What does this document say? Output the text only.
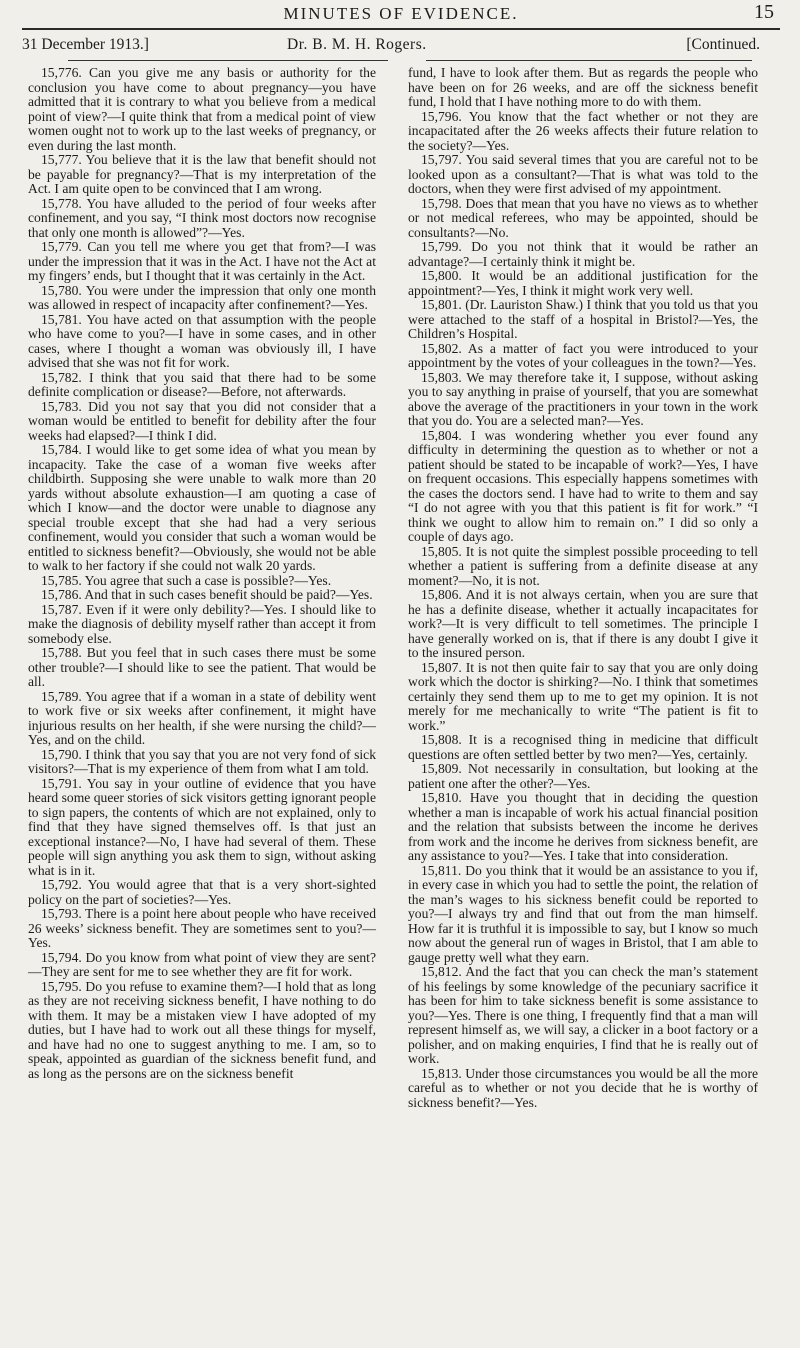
MINUTES OF EVIDENCE.	15
31 December 1913.]	Dr. B. M. H. Rogers.	[Continued.

15,776. Can you give me any basis or authority for the conclusion you have come to about pregnancy—you have admitted that it is contrary to what you believe from a medical point of view?—I quite think that from a medical point of view women ought not to work up to the last weeks of pregnancy, or even during the last month.

15,777. You believe that it is the law that benefit should not be payable for pregnancy?—That is my interpretation of the Act. I am quite open to be convinced that I am wrong.

15,778. You have alluded to the period of four weeks after confinement, and you say, “I think most doctors now recognise that only one month is allowed”?—Yes.

15,779. Can you tell me where you get that from?—I was under the impression that it was in the Act. I have not the Act at my fingers’ ends, but I thought that it was certainly in the Act.

15,780. You were under the impression that only one month was allowed in respect of incapacity after confinement?—Yes.

15,781. You have acted on that assumption with the people who have come to you?—I have in some cases, and in other cases, where I thought a woman was obviously ill, I have advised that she was not fit for work.

15,782. I think that you said that there had to be some definite complication or disease?—Before, not afterwards.

15,783. Did you not say that you did not consider that a woman would be entitled to benefit for debility after the four weeks had elapsed?—I think I did.

15,784. I would like to get some idea of what you mean by incapacity. Take the case of a woman five weeks after childbirth. Supposing she were unable to walk more than 20 yards without absolute exhaustion—I am quoting a case of which I know—and the doctor were unable to diagnose any special trouble except that she had had a very serious confinement, would you consider that such a woman would be entitled to sickness benefit?—Obviously, she would not be able to walk to her factory if she could not walk 20 yards.

15,785. You agree that such a case is possible?—Yes.

15,786. And that in such cases benefit should be paid?—Yes.

15,787. Even if it were only debility?—Yes. I should like to make the diagnosis of debility myself rather than accept it from somebody else.

15,788. But you feel that in such cases there must be some other trouble?—I should like to see the patient. That would be all.

15,789. You agree that if a woman in a state of debility went to work five or six weeks after confinement, it might have injurious results on her health, if she were nursing the child?—Yes, and on the child.

15,790. I think that you say that you are not very fond of sick visitors?—That is my experience of them from what I am told.

15,791. You say in your outline of evidence that you have heard some queer stories of sick visitors getting ignorant people to sign papers, the contents of which are not explained, only to find that they have signed themselves off. Is that just an exceptional instance?—No, I have had several of them. These people will sign anything you ask them to sign, without asking what is in it.

15,792. You would agree that that is a very short-sighted policy on the part of societies?—Yes.

15,793. There is a point here about people who have received 26 weeks’ sickness benefit. They are sometimes sent to you?—Yes.

15,794. Do you know from what point of view they are sent?—They are sent for me to see whether they are fit for work.

15,795. Do you refuse to examine them?—I hold that as long as they are not receiving sickness benefit, I have nothing to do with them. It may be a mistaken view I have adopted of my duties, but I have had to work out all these things for myself, and have had no one to suggest anything to me. I am, so to speak, appointed as guardian of the sickness benefit fund, and as long as the persons are on the sickness benefit

fund, I have to look after them. But as regards the people who have been on for 26 weeks, and are off the sickness benefit fund, I hold that I have nothing more to do with them.

15,796. You know that the fact whether or not they are incapacitated after the 26 weeks affects their future relation to the society?—Yes.

15,797. You said several times that you are careful not to be looked upon as a consultant?—That is what was told to the doctors, when they were first advised of my appointment.

15,798. Does that mean that you have no views as to whether or not medical referees, who may be appointed, should be consultants?—No.

15,799. Do you not think that it would be rather an advantage?—I certainly think it might be.

15,800. It would be an additional justification for the appointment?—Yes, I think it might work very well.

15,801. (Dr. Lauriston Shaw.) I think that you told us that you were attached to the staff of a hospital in Bristol?—Yes, the Children’s Hospital.

15,802. As a matter of fact you were introduced to your appointment by the votes of your colleagues in the town?—Yes.

15,803. We may therefore take it, I suppose, without asking you to say anything in praise of yourself, that you are somewhat above the average of the practitioners in your town in the work that you do. You are a selected man?—Yes.

15,804. I was wondering whether you ever found any difficulty in determining the question as to whether or not a patient should be stated to be incapable of work?—Yes, I have on frequent occasions. This especially happens sometimes with the cases the doctors send. I have had to write to them and say “I do not agree with you that this patient is fit for work.” “I think we ought to allow him to remain on.” I did so only a couple of days ago.

15,805. It is not quite the simplest possible proceeding to tell whether a patient is suffering from a definite disease at any moment?—No, it is not.

15,806. And it is not always certain, when you are sure that he has a definite disease, whether it actually incapacitates for work?—It is very difficult to tell sometimes. The principle I have generally worked on is, that if there is any doubt I give it to the insured person.

15,807. It is not then quite fair to say that you are only doing work which the doctor is shirking?—No. I think that sometimes certainly they send them up to me to get my opinion. It is not merely for me mechanically to write “The patient is fit to work.”

15,808. It is a recognised thing in medicine that difficult questions are often settled better by two men?—Yes, certainly.

15,809. Not necessarily in consultation, but looking at the patient one after the other?—Yes.

15,810. Have you thought that in deciding the question whether a man is incapable of work his actual financial position and the relation that subsists between the income he derives from work and the income he derives from sickness benefit, are any assistance to you?—Yes. I take that into consideration.

15,811. Do you think that it would be an assistance to you if, in every case in which you had to settle the point, the relation of the man’s wages to his sickness benefit could be reported to you?—I always try and find that out from the man himself. How far it is truthful it is impossible to say, but I know so much now about the general run of wages in Bristol, that I am able to gauge pretty well what they earn.

15,812. And the fact that you can check the man’s statement of his feelings by some knowledge of the pecuniary sacrifice it has been for him to take sickness benefit is some assistance to you?—Yes. There is one thing, I frequently find that a man will represent himself as, we will say, a clicker in a boot factory or a polisher, and on making enquiries, I find that he is really out of work.

15,813. Under those circumstances you would be all the more careful as to whether or not you decide that he is worthy of sickness benefit?—Yes.
